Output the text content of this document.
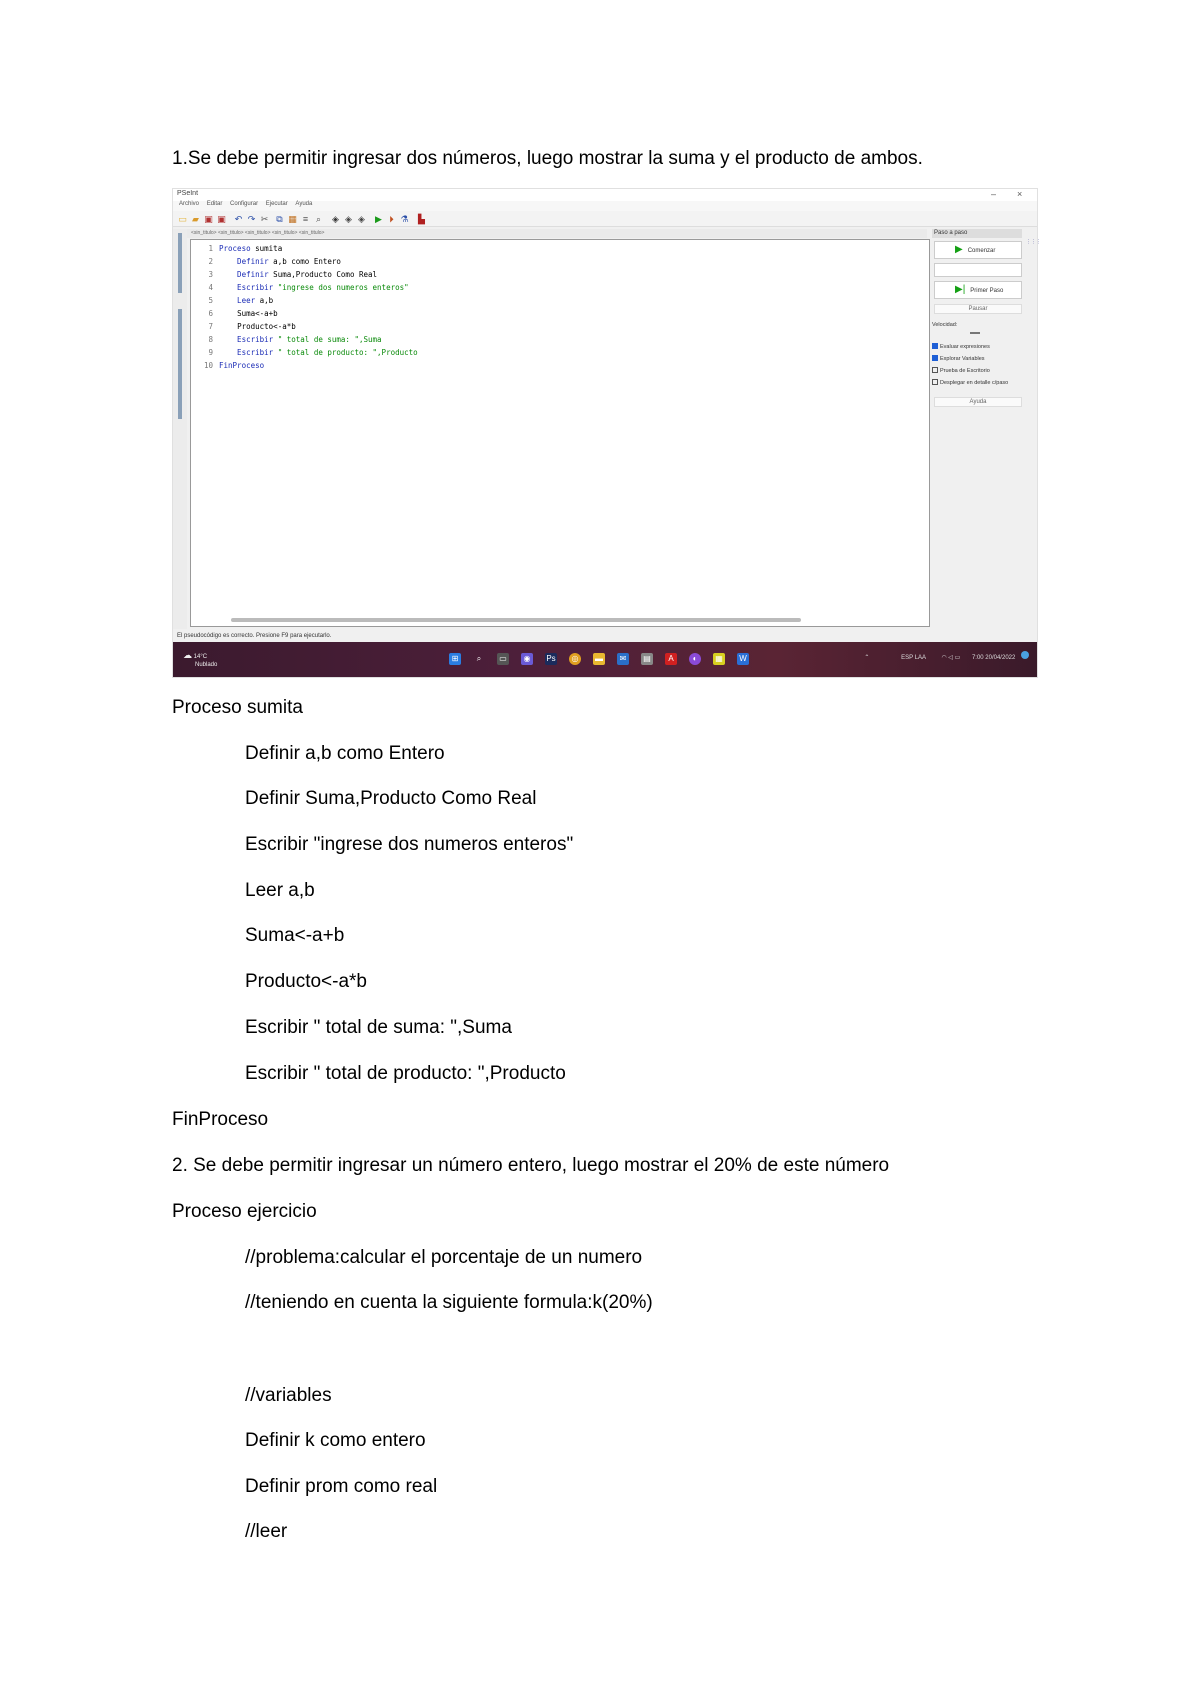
1.Se debe permitir ingresar dos números, luego mostrar la suma y el producto de ambos.
PSeInt	– ×
Archivo Editar Configurar Ejecutar Ayuda
▭ ▰ ▣ ▣ ↶ ↷ ✂ ⧉ ▦ ≡ ⌕	◈ ◈ ◈ ▶ ⏵ ⚗ ▙
<sin_titulo> <sin_titulo> <sin_titulo> <sin_titulo> <sin_titulo>
1 Proceso sumita
2    Definir a,b como Entero
3    Definir Suma,Producto Como Real
4    Escribir "ingrese dos numeros enteros"
5    Leer a,b
6	Suma<-a+b
7	Producto<-a*b
8    Escribir " total de suma: ",Suma
9    Escribir " total de producto: ",Producto
10 FinProceso
Paso a paso
▶ Comenzar
▶| Primer Paso
Pausar
Velocidad:
Evaluar expresiones
Explorar Variables
Prueba de Escritorio
Desplegar en detalle c/paso
Ayuda
⋮⋮⋮
El pseudocódigo es correcto. Presione F9 para ejecutarlo.
☁ 14°C
Nublado
⊞	⌕	▭	◉	Ps	◎	▬	✉	▤	A	◐	▦ W	⌃	ESP LAA	◠ ◁ ▭ 7:00 20/04/2022
Proceso sumita
Definir a,b como Entero
Definir Suma,Producto Como Real
Escribir "ingrese dos numeros enteros"
Leer a,b
Suma<-a+b
Producto<-a*b
Escribir " total de suma: ",Suma
Escribir " total de producto: ",Producto
FinProceso
2. Se debe permitir ingresar un número entero, luego mostrar el 20% de este número
Proceso ejercicio
//problema:calcular el porcentaje de un numero
//teniendo en cuenta la siguiente formula:k(20%)
//variables
Definir k como entero
Definir prom como real
//leer
